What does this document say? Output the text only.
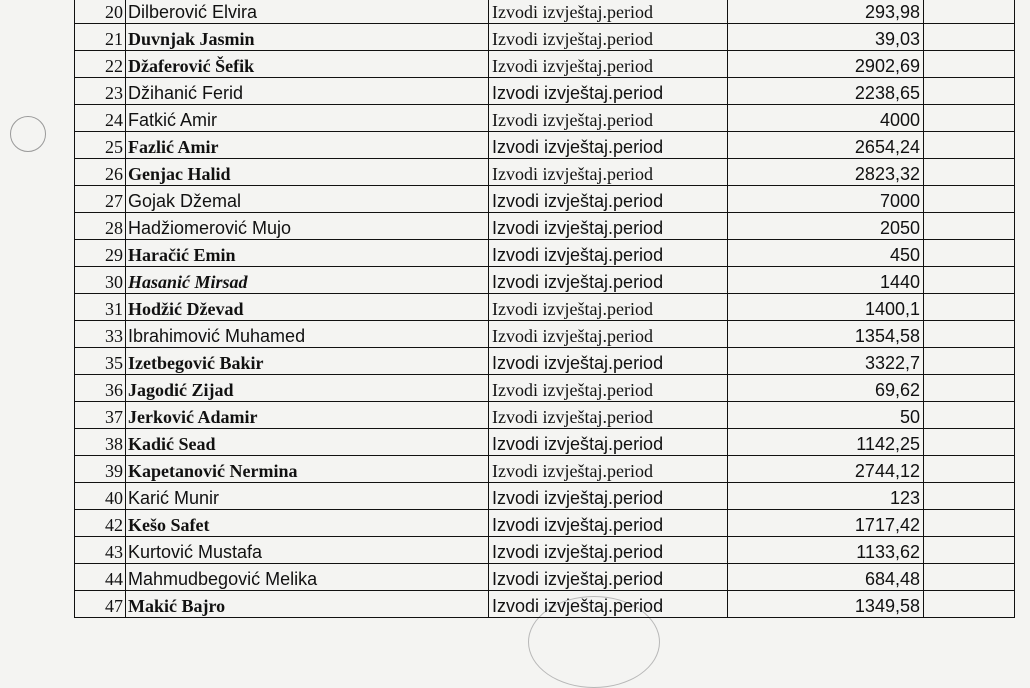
20	Dilberović Elvira	Izvodi izvještaj.period	293,98	
21	Duvnjak Jasmin	Izvodi izvještaj.period	39,03	
22	Džaferović Šefik	Izvodi izvještaj.period	2902,69	
23	Džihanić Ferid	Izvodi izvještaj.period	2238,65	
24	Fatkić Amir	Izvodi izvještaj.period	4000	
25	Fazlić Amir	Izvodi izvještaj.period	2654,24	
26	Genjac Halid	Izvodi izvještaj.period	2823,32	
27	Gojak Džemal	Izvodi izvještaj.period	7000	
28	Hadžiomerović Mujo	Izvodi izvještaj.period	2050	
29	Haračić Emin	Izvodi izvještaj.period	450	
30	Hasanić Mirsad	Izvodi izvještaj.period	1440	
31	Hodžić Dževad	Izvodi izvještaj.period	1400,1	
33	Ibrahimović Muhamed	Izvodi izvještaj.period	1354,58	
35	Izetbegović Bakir	Izvodi izvještaj.period	3322,7	
36	Jagodić Zijad	Izvodi izvještaj.period	69,62	
37	Jerković Adamir	Izvodi izvještaj.period	50	
38	Kadić Sead	Izvodi izvještaj.period	1142,25	
39	Kapetanović Nermina	Izvodi izvještaj.period	2744,12	
40	Karić Munir	Izvodi izvještaj.period	123	
42	Kešo Safet	Izvodi izvještaj.period	1717,42	
43	Kurtović Mustafa	Izvodi izvještaj.period	1133,62	
44	Mahmudbegović Melika	Izvodi izvještaj.period	684,48	
47	Makić Bajro	Izvodi izvještaj.period	1349,58	
